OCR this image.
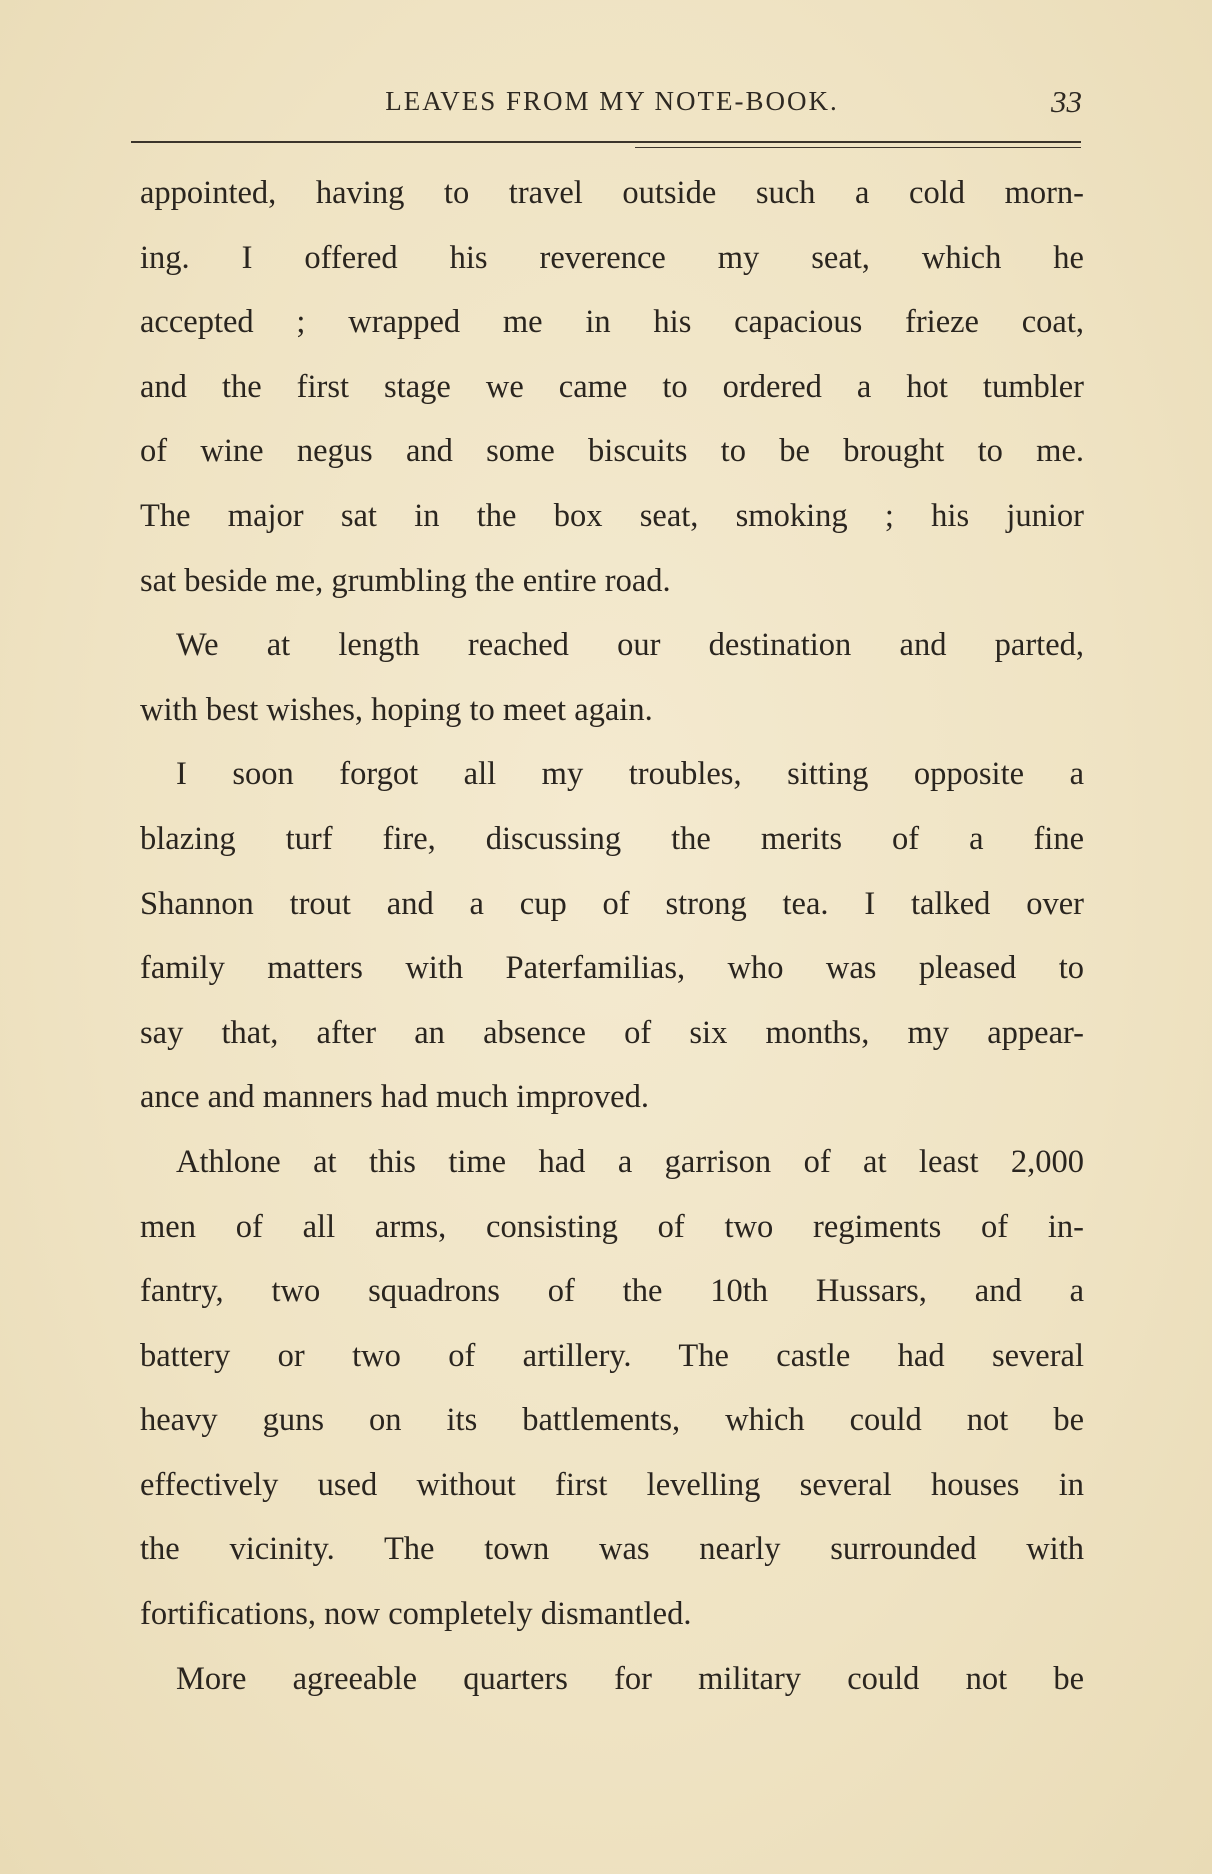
LEAVES FROM MY NOTE-BOOK.	33
appointed, having to travel outside such a cold morn-
ing. I offered his reverence my seat, which he
accepted ; wrapped me in his capacious frieze coat,
and the first stage we came to ordered a hot tumbler
of wine negus and some biscuits to be brought to me.
The major sat in the box seat, smoking ; his junior
sat beside me, grumbling the entire road.
We at length reached our destination and parted,
with best wishes, hoping to meet again.
I soon forgot all my troubles, sitting opposite a
blazing turf fire, discussing the merits of a fine
Shannon trout and a cup of strong tea. I talked over
family matters with Paterfamilias, who was pleased to
say that, after an absence of six months, my appear-
ance and manners had much improved.
Athlone at this time had a garrison of at least 2,000
men of all arms, consisting of two regiments of in-
fantry, two squadrons of the 10th Hussars, and a
battery or two of artillery. The castle had several
heavy guns on its battlements, which could not be
effectively used without first levelling several houses in
the vicinity. The town was nearly surrounded with
fortifications, now completely dismantled.
More agreeable quarters for military could not be
